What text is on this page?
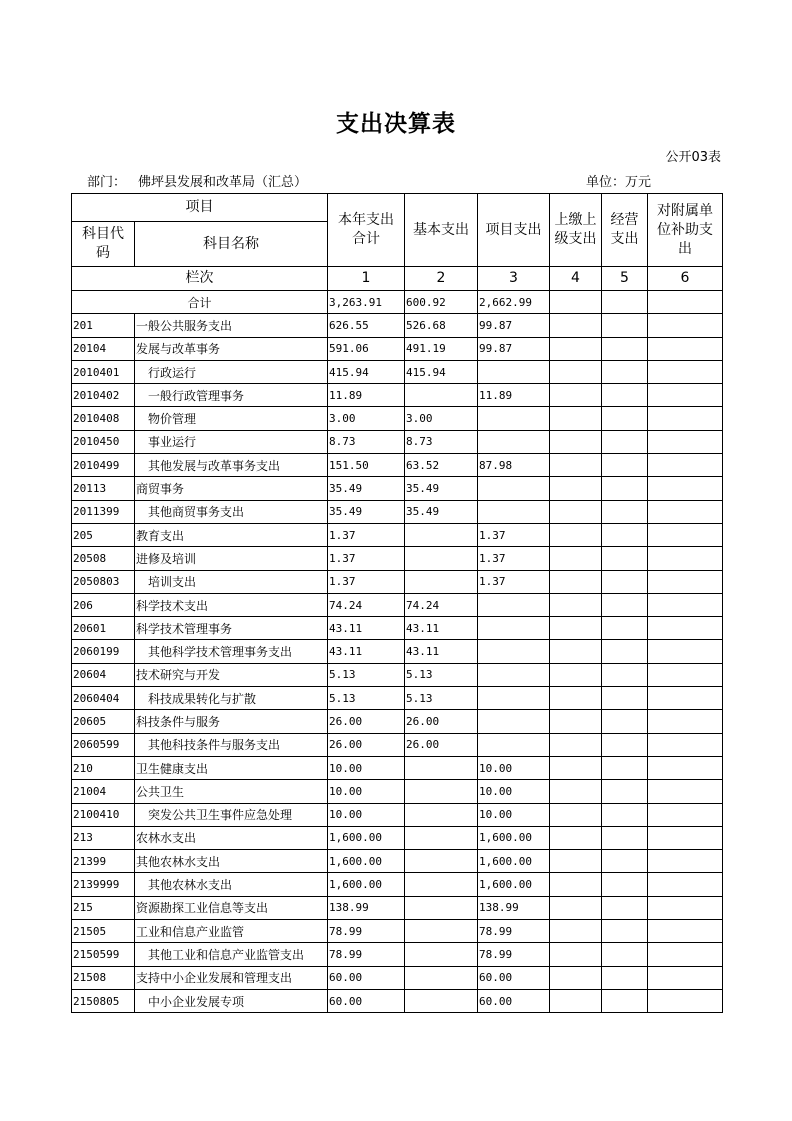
支出决算表
公开03表
部门： 佛坪县发展和改革局（汇总）	单位：万元
项目		本年支出合计	基本支出	项目支出	上缴上级支出	经营支出	对附属单位补助支出
科目代码	科目名称						
栏次		1	2	3	4	5	6
合计		3,263.91	600.92	2,662.99			
201	一般公共服务支出	626.55	526.68	99.87			
20104	发展与改革事务	591.06	491.19	99.87			
2010401	行政运行	415.94	415.94				
2010402	一般行政管理事务	11.89		11.89			
2010408	物价管理	3.00	3.00				
2010450	事业运行	8.73	8.73				
2010499	其他发展与改革事务支出	151.50	63.52	87.98			
20113	商贸事务	35.49	35.49				
2011399	其他商贸事务支出	35.49	35.49				
205	教育支出	1.37		1.37			
20508	进修及培训	1.37		1.37			
2050803	培训支出	1.37		1.37			
206	科学技术支出	74.24	74.24				
20601	科学技术管理事务	43.11	43.11				
2060199	其他科学技术管理事务支出	43.11	43.11				
20604	技术研究与开发	5.13	5.13				
2060404	科技成果转化与扩散	5.13	5.13				
20605	科技条件与服务	26.00	26.00				
2060599	其他科技条件与服务支出	26.00	26.00				
210	卫生健康支出	10.00		10.00			
21004	公共卫生	10.00		10.00			
2100410	突发公共卫生事件应急处理	10.00		10.00			
213	农林水支出	1,600.00		1,600.00			
21399	其他农林水支出	1,600.00		1,600.00			
2139999	其他农林水支出	1,600.00		1,600.00			
215	资源勘探工业信息等支出	138.99		138.99			
21505	工业和信息产业监管	78.99		78.99			
2150599	其他工业和信息产业监管支出	78.99		78.99			
21508	支持中小企业发展和管理支出	60.00		60.00			
2150805	中小企业发展专项	60.00		60.00			
